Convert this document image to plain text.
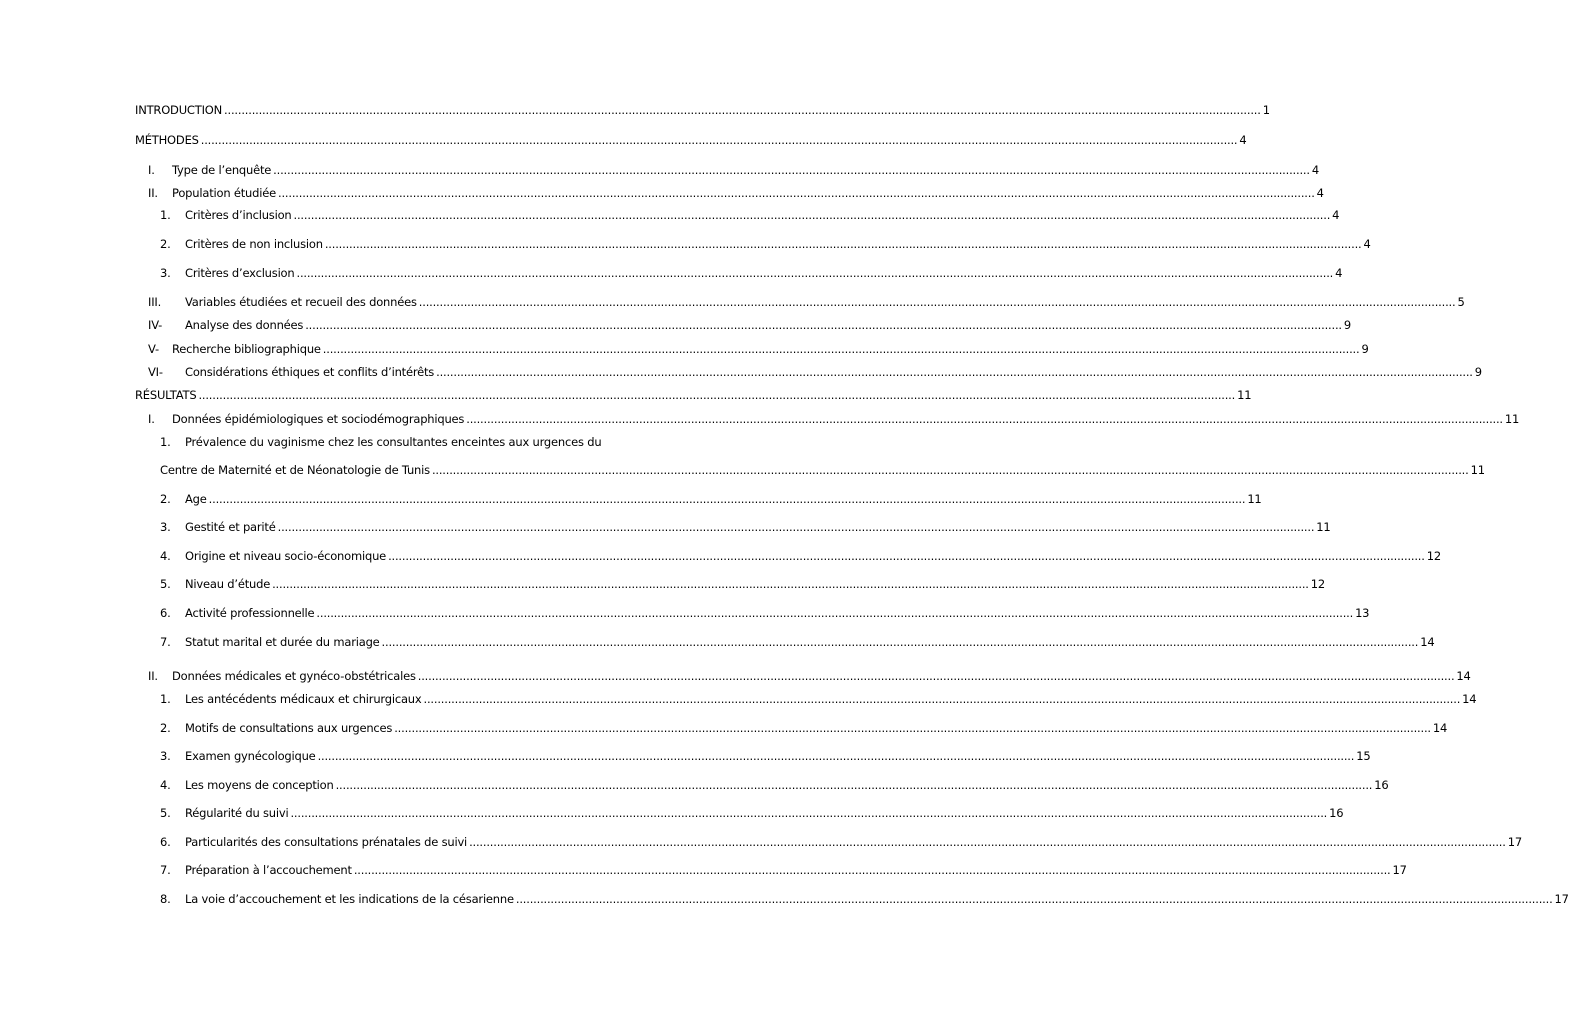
INTRODUCTION ............................................................................................................................................................................................................................................................................................................ 1
MÉTHODES ............................................................................................................................................................................................................................................................................................................ 4
I. Type de l’enquête ............................................................................................................................................................................................................................................................................................................ 4
II. Population étudiée ............................................................................................................................................................................................................................................................................................................ 4
1. Critères d’inclusion ............................................................................................................................................................................................................................................................................................................ 4
2. Critères de non inclusion ............................................................................................................................................................................................................................................................................................................ 4
3. Critères d’exclusion ............................................................................................................................................................................................................................................................................................................ 4
III. Variables étudiées et recueil des données ............................................................................................................................................................................................................................................................................................................ 5
IV- Analyse des données ............................................................................................................................................................................................................................................................................................................ 9
V- Recherche bibliographique ............................................................................................................................................................................................................................................................................................................ 9
VI- Considérations éthiques et conflits d’intérêts ............................................................................................................................................................................................................................................................................................................ 9
RÉSULTATS ............................................................................................................................................................................................................................................................................................................ 11
I. Données épidémiologiques et sociodémographiques ............................................................................................................................................................................................................................................................................................................ 11
1. Prévalence du vaginisme chez les consultantes enceintes aux urgences du
Centre de Maternité et de Néonatologie de Tunis ............................................................................................................................................................................................................................................................................................................ 11
2. Age ............................................................................................................................................................................................................................................................................................................ 11
3. Gestité et parité ............................................................................................................................................................................................................................................................................................................ 11
4. Origine et niveau socio-économique ............................................................................................................................................................................................................................................................................................................ 12
5. Niveau d’étude ............................................................................................................................................................................................................................................................................................................ 12
6. Activité professionnelle ............................................................................................................................................................................................................................................................................................................ 13
7. Statut marital et durée du mariage ............................................................................................................................................................................................................................................................................................................ 14
II. Données médicales et gynéco-obstétricales ............................................................................................................................................................................................................................................................................................................ 14
1. Les antécédents médicaux et chirurgicaux ............................................................................................................................................................................................................................................................................................................ 14
2. Motifs de consultations aux urgences ............................................................................................................................................................................................................................................................................................................ 14
3. Examen gynécologique ............................................................................................................................................................................................................................................................................................................ 15
4. Les moyens de conception ............................................................................................................................................................................................................................................................................................................ 16
5. Régularité du suivi ............................................................................................................................................................................................................................................................................................................ 16
6. Particularités des consultations prénatales de suivi ............................................................................................................................................................................................................................................................................................................ 17
7. Préparation à l’accouchement ............................................................................................................................................................................................................................................................................................................ 17
8. La voie d’accouchement et les indications de la césarienne ............................................................................................................................................................................................................................................................................................................ 17
